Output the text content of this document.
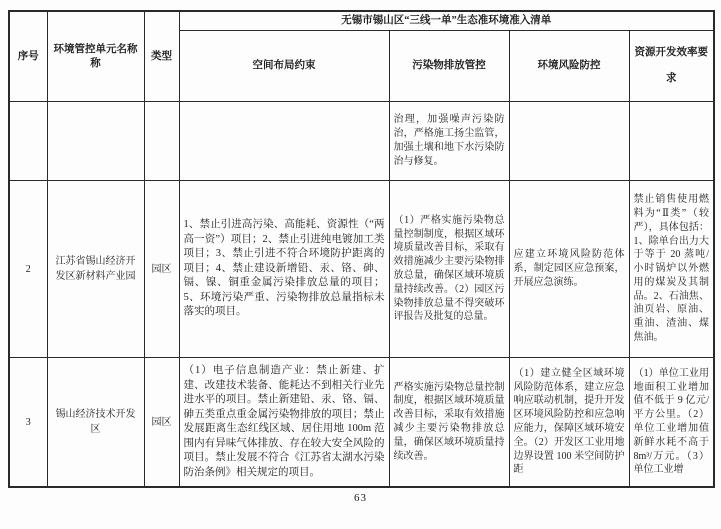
序号	环境管控单元名称 称	类型	无锡市锡山区“三线一单”生态准环境准入清单			
			空间布局约束	污染物排放管控	环境风险防控	资源开发效率要求
				治理，加强噪声污染防治，严格施工扬尘监管，加强土壤和地下水污染防治与修复。		
2	江苏省锡山经济开发区新材料产业园	园区	1、禁止引进高污染、高能耗、资源性（“两高一资”）项目；2、禁止引进纯电镀加工类项目；3、禁止引进不符合环境防护距离的项目；4、禁止建设新增铅、汞、铬、砷、镉、镍、铜重金属污染排放总量的项目；5、环境污染严重、污染物排放总量指标未落实的项目。	（1）严格实施污染物总量控制制度，根据区域环境质量改善目标，采取有效措施减少主要污染物排放总量，确保区域环境质量持续改善。（2）园区污染物排放总量不得突破环评报告及批复的总量。	应建立环境风险防范体系，制定园区应急预案，开展应急演练。	禁止销售使用燃料为“Ⅱ类”（较严），具体包括：1、除单台出力大于等于 20 蒸吨/小时锅炉以外燃用的煤炭及其制品。2、石油焦、油页岩、原油、重油、渣油、煤焦油。
3	锡山经济技术开发区	园区	（1）电子信息制造产业：禁止新建、扩建、改建技术装备、能耗达不到相关行业先进水平的项目。禁止新建铅、汞、铬、镉、砷五类重点重金属污染物排放的项目；禁止发展距离生态红线区域、居住用地 100m 范围内有异味气体排放、存在较大安全风险的项目。禁止发展不符合《江苏省太湖水污染防治条例》相关规定的项目。	严格实施污染物总量控制制度，根据区域环境质量改善目标，采取有效措施减少主要污染物排放总量，确保区域环境质量持续改善。	（1）建立健全区域环境风险防范体系，建立应急响应联动机制，提升开发区环境风险防控和应急响应能力，保障区域环境安全。（2）开发区工业用地边界设置 100 米空间防护距	（1）单位工业用地面积工业增加值不低于 9 亿元/平方公里。（2）单位工业增加值新鲜水耗不高于 8m³/万元。（3）单位工业增
63
